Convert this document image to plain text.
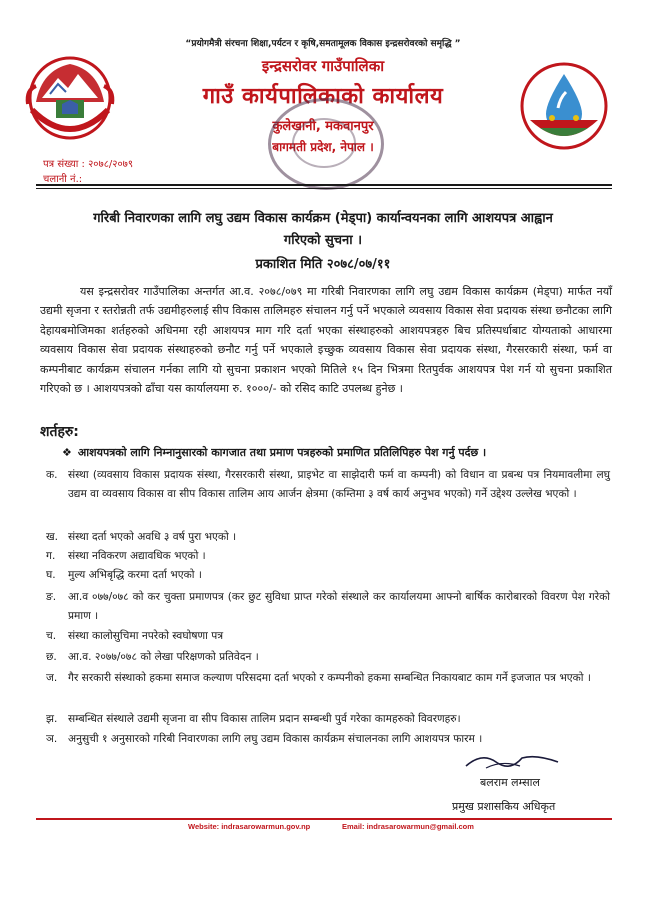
“प्रयोगमैत्री संरचना शिक्षा,पर्यटन र कृषि,समतामूलक विकास इन्द्रसरोवरको समृद्धि ”
इन्द्रसरोवर गाउँपालिका
गाउँ कार्यपालिकाको कार्यालय
कुलेखानी, मकवानपुर
बागमती प्रदेश, नेपाल ।
पत्र संख्या : २०७८/२०७९
चलानी नं.:
गरिबी निवारणका लागि लघु उद्यम विकास कार्यक्रम (मेड्पा) कार्यान्वयनका लागि आशयपत्र आह्वान
गरिएको सुचना ।
प्रकाशित मिति २०७८/०७/११
यस इन्द्रसरोवर गाउँपालिका अन्तर्गत आ.व. २०७८/०७९ मा गरिबी निवारणका लागि लघु उद्यम विकास कार्यक्रम (मेड्पा) मार्फत नयाँ उद्यमी सृजना र स्तरोन्नती तर्फ उद्यमीहरुलाई सीप विकास तालिमहरु संचालन गर्नु पर्ने भएकाले व्यवसाय विकास सेवा प्रदायक संस्था छनौटका लागि देहायबमोजिमका शर्तहरुको अधिनमा रही आशयपत्र माग गरि दर्ता भएका संस्थाहरुको आशयपत्रहरु बिच प्रतिस्पर्धाबाट योग्यताको आधारमा व्यवसाय विकास सेवा प्रदायक संस्थाहरुको छनौट गर्नु पर्ने भएकाले इच्छुक व्यवसाय विकास सेवा प्रदायक संस्था, गैरसरकारी संस्था, फर्म वा कम्पनीबाट कार्यक्रम संचालन गर्नका लागि यो सुचना प्रकाशन भएको मितिले १५ दिन भित्रमा रितपुर्वक आशयपत्र पेश गर्न यो सुचना प्रकाशित गरिएको छ । आशयपत्रको ढाँचा यस कार्यालयमा रु. १०००/- को रसिद काटि उपलब्ध हुनेछ ।
शर्तहरु:
❖ आशयपत्रको लागि निम्नानुसारको कागजात तथा प्रमाण पत्रहरुको प्रमाणित प्रतिलिपिहरु पेश गर्नु पर्दछ ।
क. संस्था (व्यवसाय विकास प्रदायक संस्था, गैरसरकारी संस्था, प्राइभेट वा साझेदारी फर्म वा कम्पनी) को विधान वा प्रबन्ध पत्र नियमावलीमा लघु उद्यम वा व्यवसाय विकास वा सीप विकास तालिम आय आर्जन क्षेत्रमा (कम्तिमा ३ वर्ष कार्य अनुभव भएको) गर्ने उद्देश्य उल्लेख भएको ।
ख. संस्था दर्ता भएको अवधि ३ वर्ष पुरा भएको ।
ग. संस्था नविकरण अद्यावधिक भएको ।
घ. मुल्य अभिबृद्धि करमा दर्ता भएको ।
ङ. आ.व ०७७/०७८ को कर चुक्ता प्रमाणपत्र (कर छुट सुविधा प्राप्त गरेको संस्थाले कर कार्यालयमा आफ्नो बार्षिक कारोबारको विवरण पेश गरेको प्रमाण ।
च. संस्था कालोसुचिमा नपरेको स्वघोषणा पत्र
छ. आ.व. २०७७/०७८ को लेखा परिक्षणको प्रतिवेदन ।
ज. गैर सरकारी संस्थाको हकमा समाज कल्याण परिसदमा दर्ता भएको र कम्पनीको हकमा सम्बन्धित निकायबाट काम गर्ने इजजात पत्र भएको ।
झ. सम्बन्धित संस्थाले उद्यमी सृजना वा सीप विकास तालिम प्रदान सम्बन्धी पुर्व गरेका कामहरुको विवरणहरु।
ञ. अनुसुची १ अनुसारको गरिबी निवारणका लागि लघु उद्यम विकास कार्यक्रम संचालनका लागि आशयपत्र फारम ।
बलराम लम्साल
प्रमुख प्रशासकिय अधिकृत
Website: indrasarowarmun.gov.np	Email: indrasarowarmun@gmail.com
